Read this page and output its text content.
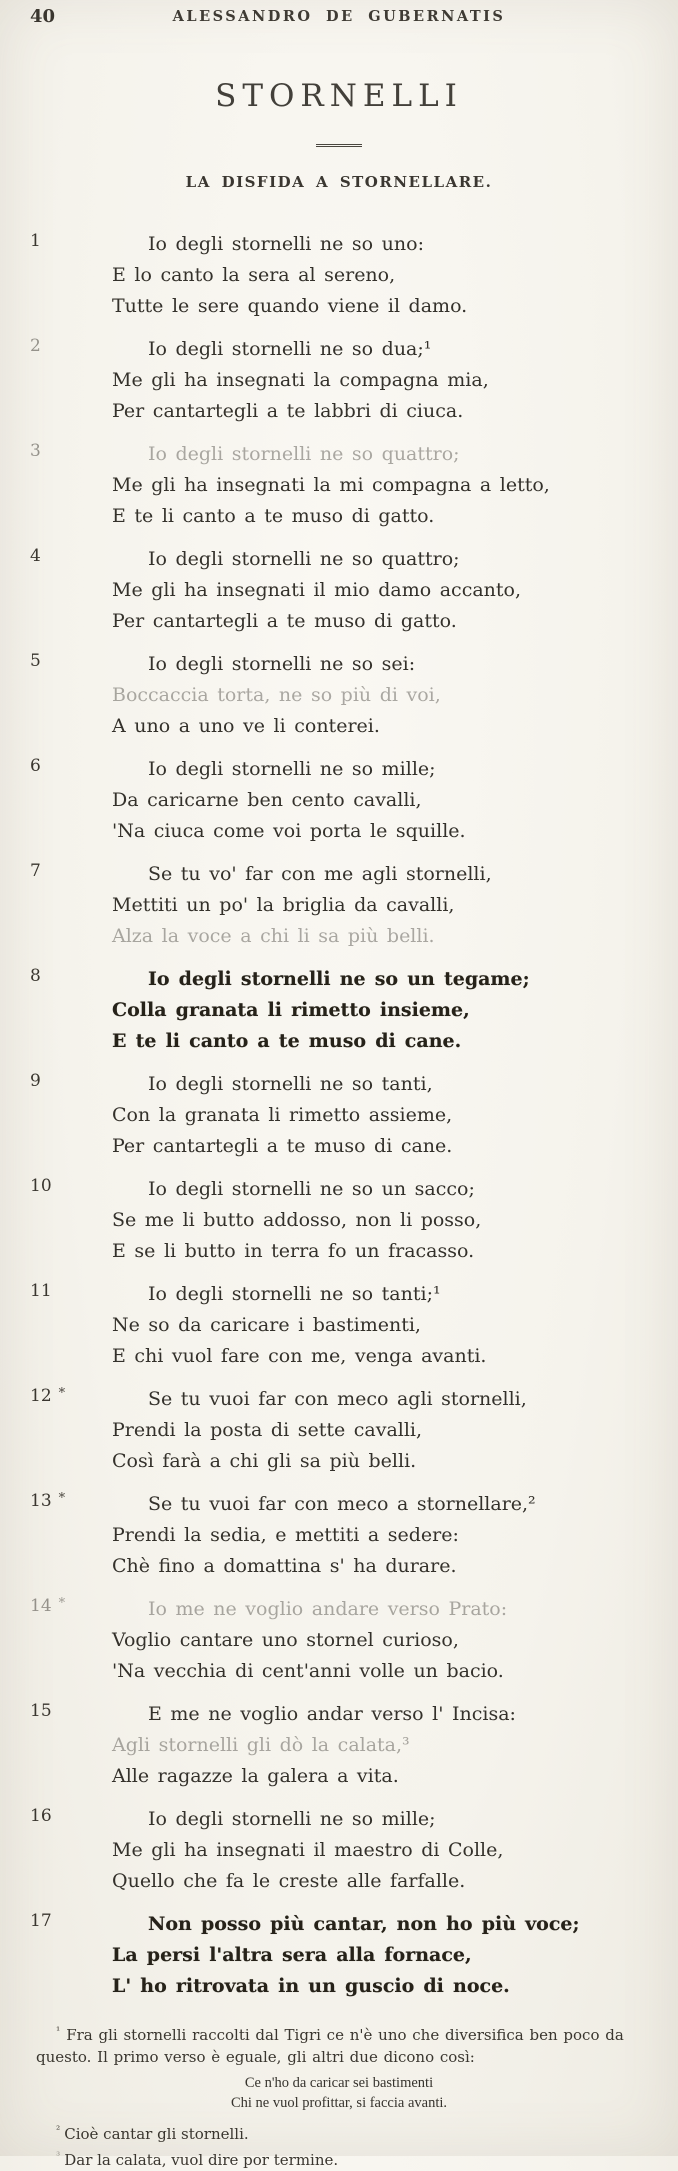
40	ALESSANDRO DE GUBERNATIS
STORNELLI
LA DISFIDA A STORNELLARE.
1	Io degli stornelli ne so uno:
E lo canto la sera al sereno,
Tutte le sere quando viene il damo.
2	Io degli stornelli ne so dua;¹
Me gli ha insegnati la compagna mia,
Per cantartegli a te labbri di ciuca.
3	Io degli stornelli ne so quattro;
Me gli ha insegnati la mi compagna a letto,
E te li canto a te muso di gatto.
4	Io degli stornelli ne so quattro;
Me gli ha insegnati il mio damo accanto,
Per cantartegli a te muso di gatto.
5	Io degli stornelli ne so sei:
Boccaccia torta, ne so più di voi,
A uno a uno ve li conterei.
6	Io degli stornelli ne so mille;
Da caricarne ben cento cavalli,
'Na ciuca come voi porta le squille.
7	Se tu vo' far con me agli stornelli,
Mettiti un po' la briglia da cavalli,
Alza la voce a chi li sa più belli.
8	Io degli stornelli ne so un tegame;
Colla granata li rimetto insieme,
E te li canto a te muso di cane.
9	Io degli stornelli ne so tanti,
Con la granata li rimetto assieme,
Per cantartegli a te muso di cane.
10	Io degli stornelli ne so un sacco;
Se me li butto addosso, non li posso,
E se li butto in terra fo un fracasso.
11	Io degli stornelli ne so tanti;¹
Ne so da caricare i bastimenti,
E chi vuol fare con me, venga avanti.
12 *	Se tu vuoi far con meco agli stornelli,
Prendi la posta di sette cavalli,
Così farà a chi gli sa più belli.
13 *	Se tu vuoi far con meco a stornellare,²
Prendi la sedia, e mettiti a sedere:
Chè fino a domattina s' ha durare.
14 *	Io me ne voglio andare verso Prato:
Voglio cantare uno stornel curioso,
'Na vecchia di cent'anni volle un bacio.
15	E me ne voglio andar verso l' Incisa:
Agli stornelli gli dò la calata,³
Alle ragazze la galera a vita.
16	Io degli stornelli ne so mille;
Me gli ha insegnati il maestro di Colle,
Quello che fa le creste alle farfalle.
17	Non posso più cantar, non ho più voce;
La persi l'altra sera alla fornace,
L' ho ritrovata in un guscio di noce.
$^{^1}$ Fra gli stornelli raccolti dal Tigri ce n'è uno che diversifica ben poco da questo. Il primo verso è eguale, gli altri due dicono così:
Ce n'ho da caricar sei bastimenti
Chi ne vuol profittar, si faccia avanti.
$^{^2}$ Cioè cantar gli stornelli.
$^{^3}$ Dar la calata, vuol dire por termine.
